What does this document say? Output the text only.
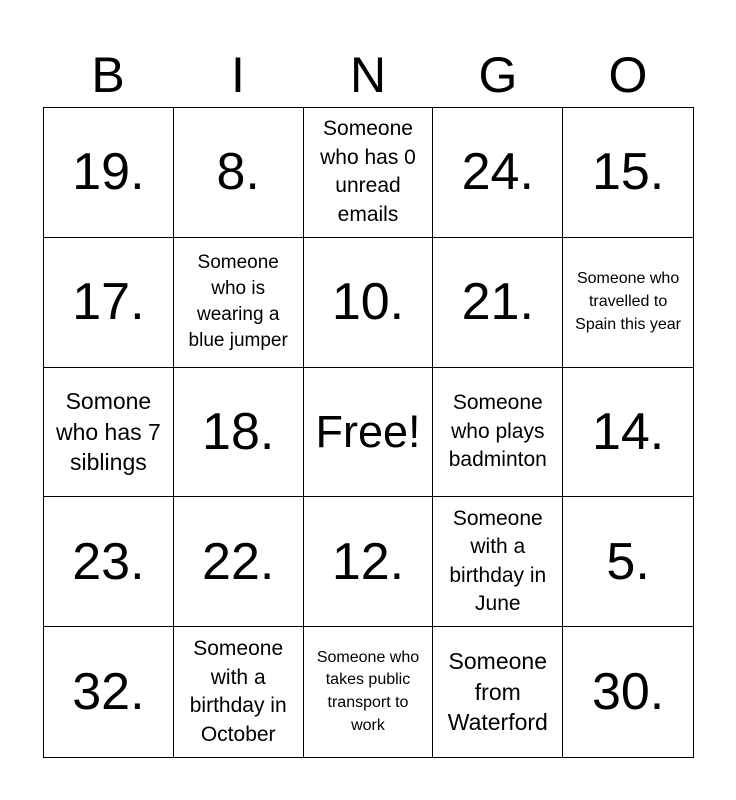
B	I	N	G	O
19. 8.
Someone who has 0 unread emails
24. 15.
17.
Someone who is wearing a blue jumper
10. 21.	Someone who travelled to Spain this year
Somone who has 7 siblings
18. Free!
Someone who plays badminton 14.
23. 22. 12.
Someone with a birthday in June
5.
32.
Someone with a birthday in October
Someone who takes public transport to work
Someone from Waterford
30.
